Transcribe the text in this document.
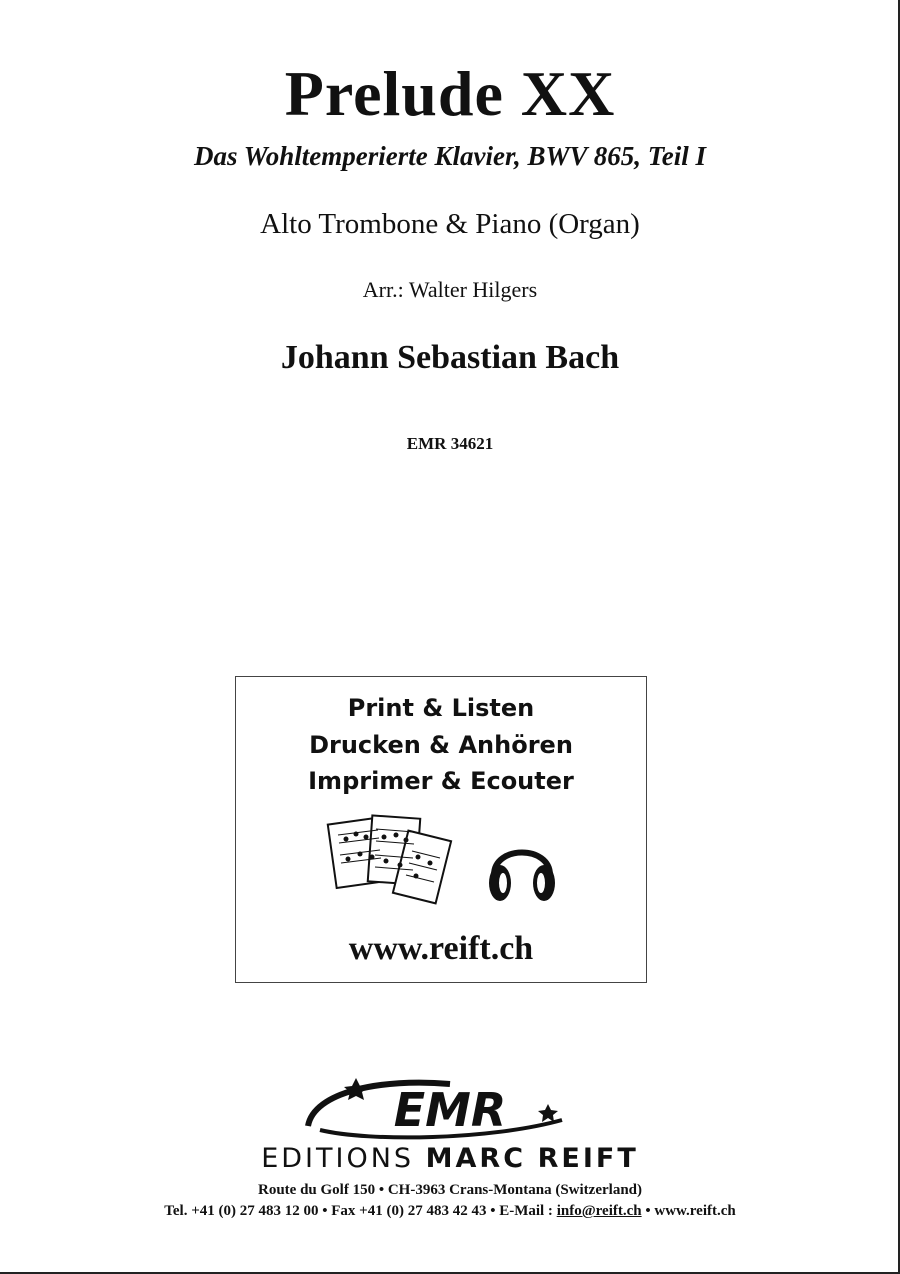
Prelude XX
Das Wohltemperierte Klavier, BWV 865, Teil I
Alto Trombone & Piano (Organ)
Arr.: Walter Hilgers
Johann Sebastian Bach
EMR 34621
Print & Listen
Drucken & Anhören
Imprimer & Ecouter
www.reift.ch
EMR
EDITIONS MARC REIFT
Route du Golf 150 • CH-3963 Crans-Montana (Switzerland)
Tel. +41 (0) 27 483 12 00 • Fax +41 (0) 27 483 42 43 • E-Mail : info@reift.ch • www.reift.ch
